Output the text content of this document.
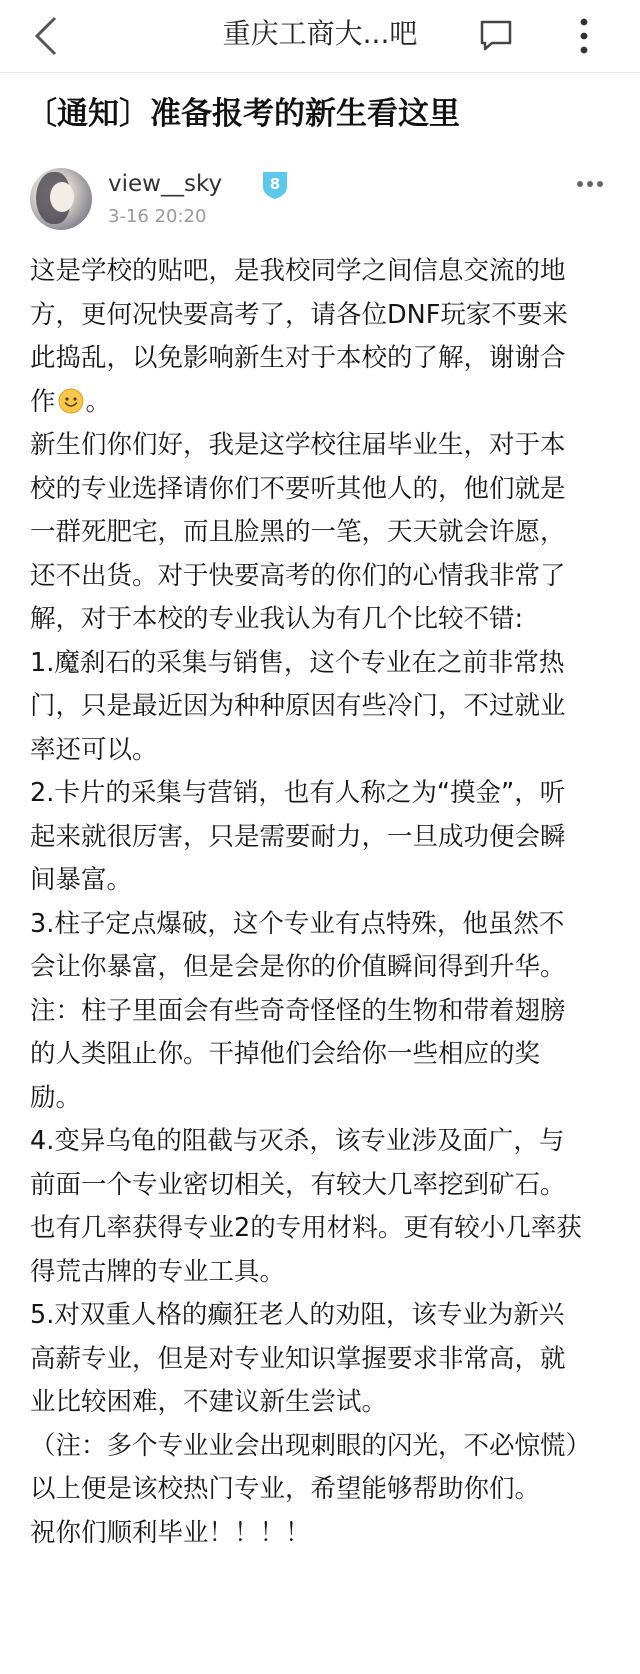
重庆工商大...吧
〔通知〕准备报考的新生看这里
view__sky	8
3-16 20:20

这是学校的贴吧，是我校同学之间信息交流的地方，更何况快要高考了，请各位DNF玩家不要来此捣乱，以免影响新生对于本校的了解，谢谢合作 。

新生们你们好，我是这学校往届毕业生，对于本校的专业选择请你们不要听其他人的，他们就是一群死肥宅，而且脸黑的一笔，天天就会许愿，还不出货。对于快要高考的你们的心情我非常了解，对于本校的专业我认为有几个比较不错:

1.魔刹石的采集与销售，这个专业在之前非常热门，只是最近因为种种原因有些冷门，不过就业率还可以。

2.卡片的采集与营销，也有人称之为“摸金”，听起来就很厉害，只是需要耐力，一旦成功便会瞬间暴富。

3.柱子定点爆破，这个专业有点特殊，他虽然不会让你暴富，但是会是你的价值瞬间得到升华。注：柱子里面会有些奇奇怪怪的生物和带着翅膀的人类阻止你。干掉他们会给你一些相应的奖励。

4.变异乌龟的阻截与灭杀，该专业涉及面广，与前面一个专业密切相关，有较大几率挖到矿石。也有几率获得专业2的专用材料。更有较小几率获得荒古牌的专业工具。

5.对双重人格的癫狂老人的劝阻，该专业为新兴高薪专业，但是对专业知识掌握要求非常高，就业比较困难，不建议新生尝试。

（注：多个专业业会出现刺眼的闪光，不必惊慌）

以上便是该校热门专业，希望能够帮助你们。

祝你们顺利毕业！！！！
